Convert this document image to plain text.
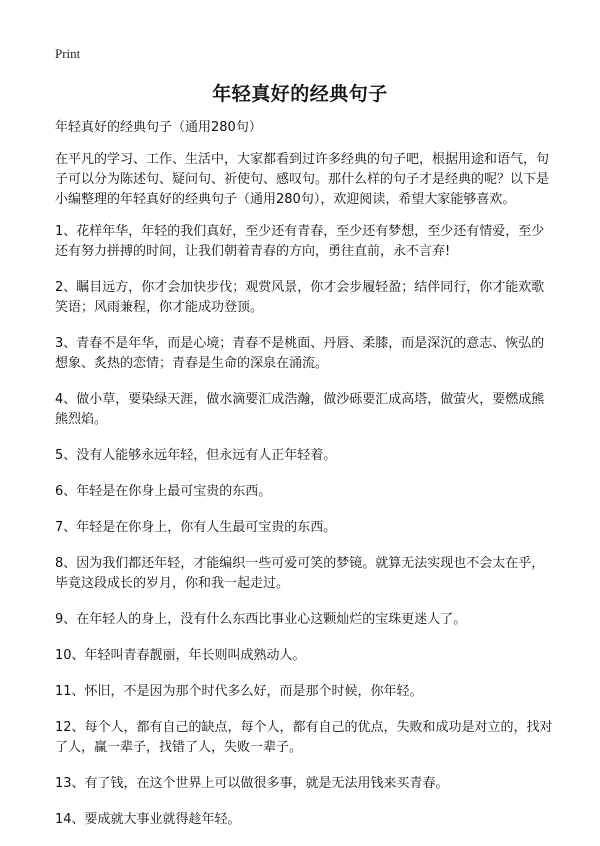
Print
年轻真好的经典句子

年轻真好的经典句子（通用280句）

在平凡的学习、工作、生活中，大家都看到过许多经典的句子吧，根据用途和语气，句子可以分为陈述句、疑问句、祈使句、感叹句。那什么样的句子才是经典的呢？以下是小编整理的年轻真好的经典句子（通用280句），欢迎阅读，希望大家能够喜欢。

1、花样年华，年轻的我们真好，至少还有青春，至少还有梦想，至少还有情爱，至少还有努力拼搏的时间，让我们朝着青春的方向，勇往直前，永不言弃!

2、瞩目远方，你才会加快步伐；观赏风景，你才会步履轻盈；结伴同行，你才能欢歌笑语；风雨兼程，你才能成功登顶。

3、青春不是年华，而是心境；青春不是桃面、丹唇、柔膝，而是深沉的意志、恢弘的想象、炙热的恋情；青春是生命的深泉在涌流。

4、做小草，要染绿天涯，做水滴要汇成浩瀚，做沙砾要汇成高塔，做萤火，要燃成熊熊烈焰。

5、没有人能够永远年轻，但永远有人正年轻着。

6、年轻是在你身上最可宝贵的东西。

7、年轻是在你身上，你有人生最可宝贵的东西。

8、因为我们都还年轻，才能编织一些可爱可笑的梦镜。就算无法实现也不会太在乎，毕竟这段成长的岁月，你和我一起走过。

9、在年轻人的身上，没有什么东西比事业心这颗灿烂的宝珠更迷人了。

10、年轻叫青春靓丽，年长则叫成熟动人。

11、怀旧，不是因为那个时代多么好，而是那个时候，你年轻。

12、每个人，都有自己的缺点，每个人，都有自己的优点，失败和成功是对立的，找对了人，赢一辈子，找错了人，失败一辈子。

13、有了钱，在这个世界上可以做很多事，就是无法用钱来买青春。

14、要成就大事业就得趁年轻。
